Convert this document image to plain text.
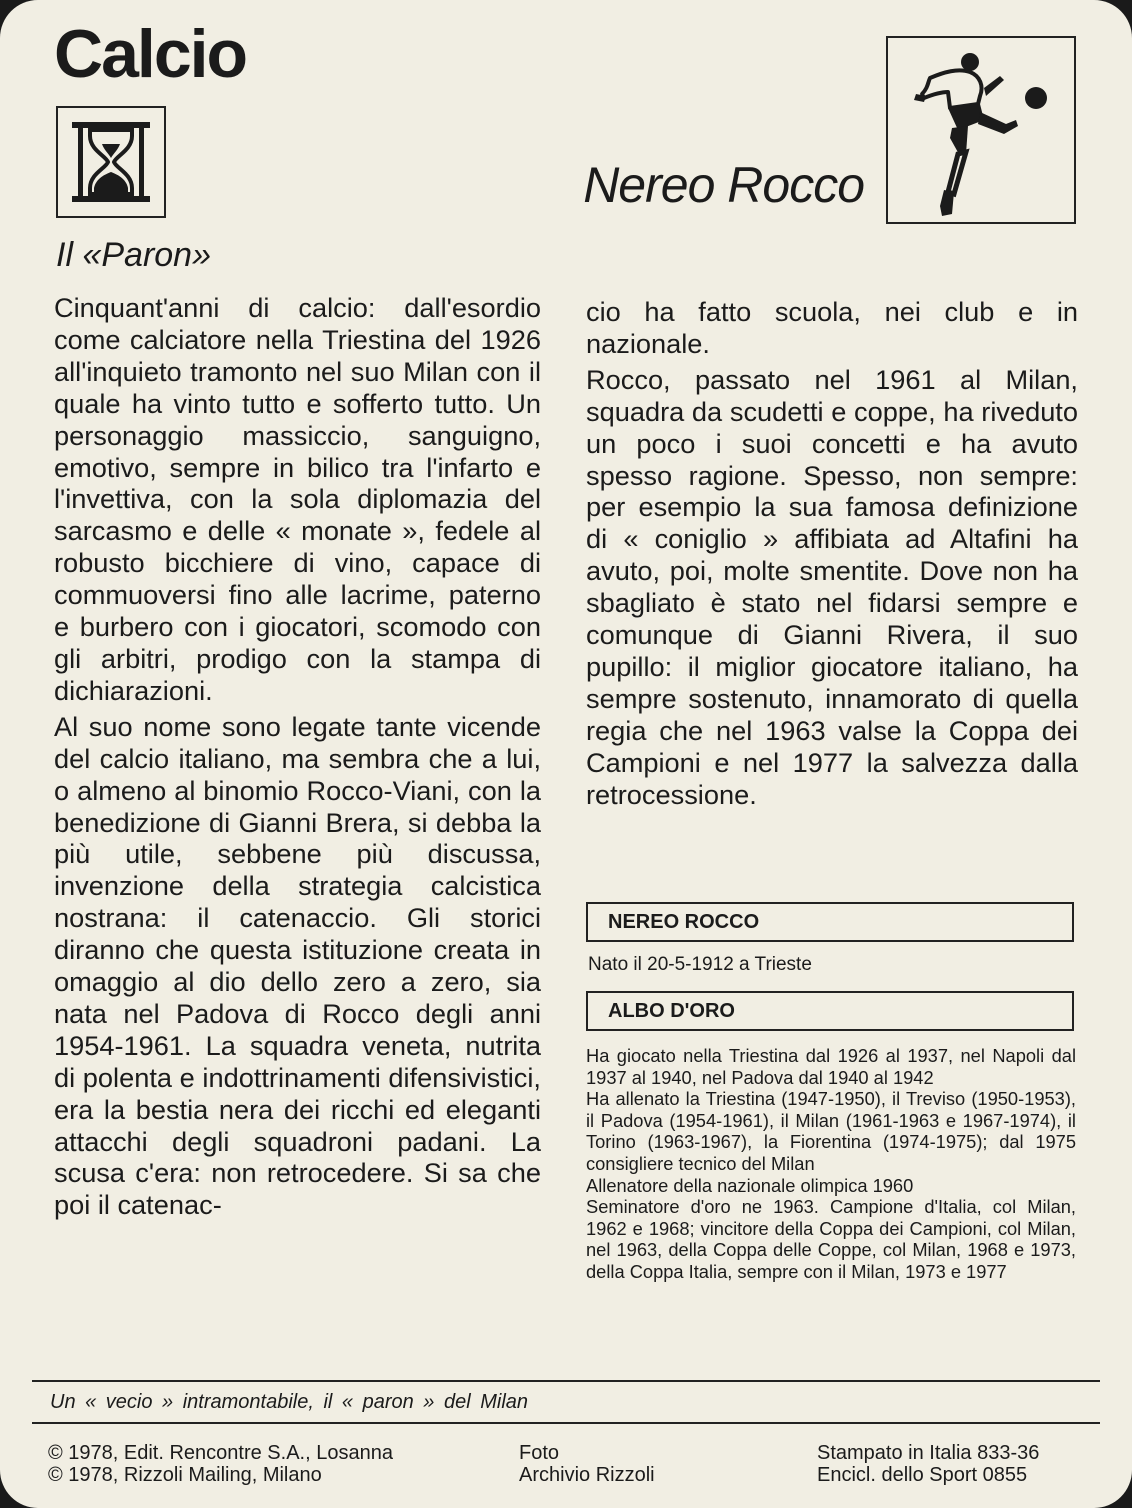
Calcio
Nereo Rocco
Il «Paron»

Cinquant'anni di calcio: dall'esordio come calciatore nella Triestina del 1926 all'inquieto tramonto nel suo Milan con il quale ha vinto tutto e sofferto tutto. Un personaggio massiccio, sanguigno, emotivo, sempre in bilico tra l'infarto e l'invettiva, con la sola diplomazia del sarcasmo e delle « monate », fedele al robusto bicchiere di vino, capace di commuoversi fino alle lacrime, paterno e burbero con i giocatori, scomodo con gli arbitri, prodigo con la stampa di dichiarazioni.

Al suo nome sono legate tante vicende del calcio italiano, ma sembra che a lui, o almeno al binomio Rocco-Viani, con la benedizione di Gianni Brera, si debba la più utile, sebbene più discussa, invenzione della strategia calcistica nostrana: il catenaccio. Gli storici diranno che questa istituzione creata in omaggio al dio dello zero a zero, sia nata nel Padova di Rocco degli anni 1954-1961. La squadra veneta, nutrita di polenta e indottrinamenti difensivistici, era la bestia nera dei ricchi ed eleganti attacchi degli squadroni padani. La scusa c'era: non retrocedere. Si sa che poi il catenac-

cio ha fatto scuola, nei club e in nazionale.

Rocco, passato nel 1961 al Milan, squadra da scudetti e coppe, ha riveduto un poco i suoi concetti e ha avuto spesso ragione. Spesso, non sempre: per esempio la sua famosa definizione di « coniglio » affibiata ad Altafini ha avuto, poi, molte smentite. Dove non ha sbagliato è stato nel fidarsi sempre e comunque di Gianni Rivera, il suo pupillo: il miglior giocatore italiano, ha sempre sostenuto, innamorato di quella regia che nel 1963 valse la Coppa dei Campioni e nel 1977 la salvezza dalla retrocessione.

NEREO ROCCO
Nato il 20-5-1912 a Trieste
ALBO D'ORO

Ha giocato nella Triestina dal 1926 al 1937, nel Napoli dal 1937 al 1940, nel Padova dal 1940 al 1942

Ha allenato la Triestina (1947-1950), il Treviso (1950-1953), il Padova (1954-1961), il Milan (1961-1963 e 1967-1974), il Torino (1963-1967), la Fiorentina (1974-1975); dal 1975 consigliere tecnico del Milan

Allenatore della nazionale olimpica 1960

Seminatore d'oro ne 1963. Campione d'Italia, col Milan, 1962 e 1968; vincitore della Coppa dei Campioni, col Milan, nel 1963, della Coppa delle Coppe, col Milan, 1968 e 1973, della Coppa Italia, sempre con il Milan, 1973 e 1977

Un « vecio » intramontabile, il « paron » del Milan
© 1978, Edit. Rencontre S.A., Losanna
© 1978, Rizzoli Mailing, Milano
Foto
Archivio Rizzoli
Stampato in Italia 833-36
Encicl. dello Sport 0855
